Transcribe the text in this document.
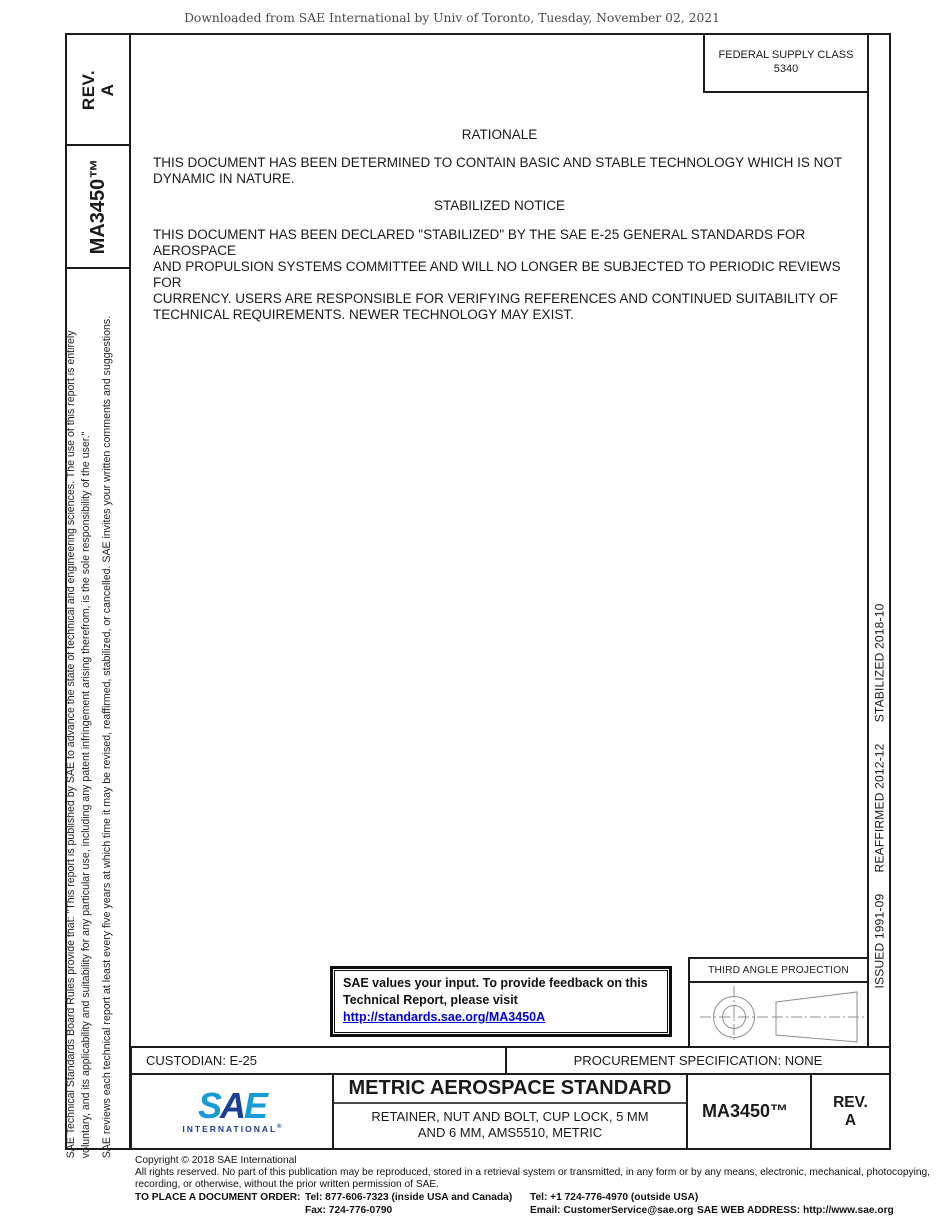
Downloaded from SAE International by Univ of Toronto, Tuesday, November 02, 2021
REV. A
MA3450™
SAE Technical Standards Board Rules provide that: "This report is published by SAE to advance the state of technical and engineering sciences. The use of this report is entirely voluntary, and its applicability and suitability for any particular use, including any patent infringement arising therefrom, is the sole responsibility of the user." SAE reviews each technical report at least every five years at which time it may be revised, reaffirmed, stabilized, or cancelled. SAE invites your written comments and suggestions.
FEDERAL SUPPLY CLASS
5340
ISSUED 1991-09      REAFFIRMED 2012-12      STABILIZED 2018-10
RATIONALE
THIS DOCUMENT HAS BEEN DETERMINED TO CONTAIN BASIC AND STABLE TECHNOLOGY WHICH IS NOT
DYNAMIC IN NATURE.
STABILIZED NOTICE
THIS DOCUMENT HAS BEEN DECLARED "STABILIZED" BY THE SAE E-25 GENERAL STANDARDS FOR AEROSPACE
AND PROPULSION SYSTEMS COMMITTEE AND WILL NO LONGER BE SUBJECTED TO PERIODIC REVIEWS FOR
CURRENCY. USERS ARE RESPONSIBLE FOR VERIFYING REFERENCES AND CONTINUED SUITABILITY OF
TECHNICAL REQUIREMENTS. NEWER TECHNOLOGY MAY EXIST.
SAE values your input. To provide feedback on this
Technical Report, please visit
http://standards.sae.org/MA3450A
THIRD ANGLE PROJECTION
CUSTODIAN: E-25	PROCUREMENT SPECIFICATION: NONE
SAE
INTERNATIONAL®
METRIC AEROSPACE STANDARD
RETAINER, NUT AND BOLT, CUP LOCK, 5 MM
AND 6 MM, AMS5510, METRIC
MA3450™	REV.
A
Copyright © 2018 SAE International
All rights reserved. No part of this publication may be reproduced, stored in a retrieval system or transmitted, in any form or by any means, electronic, mechanical, photocopying,
recording, or otherwise, without the prior written permission of SAE.
TO PLACE A DOCUMENT ORDER: Tel: 877-606-7323 (inside USA and Canada) Tel: +1 724-776-4970 (outside USA)
Fax: 724-776-0790	Email: CustomerService@sae.org SAE WEB ADDRESS: http://www.sae.org
